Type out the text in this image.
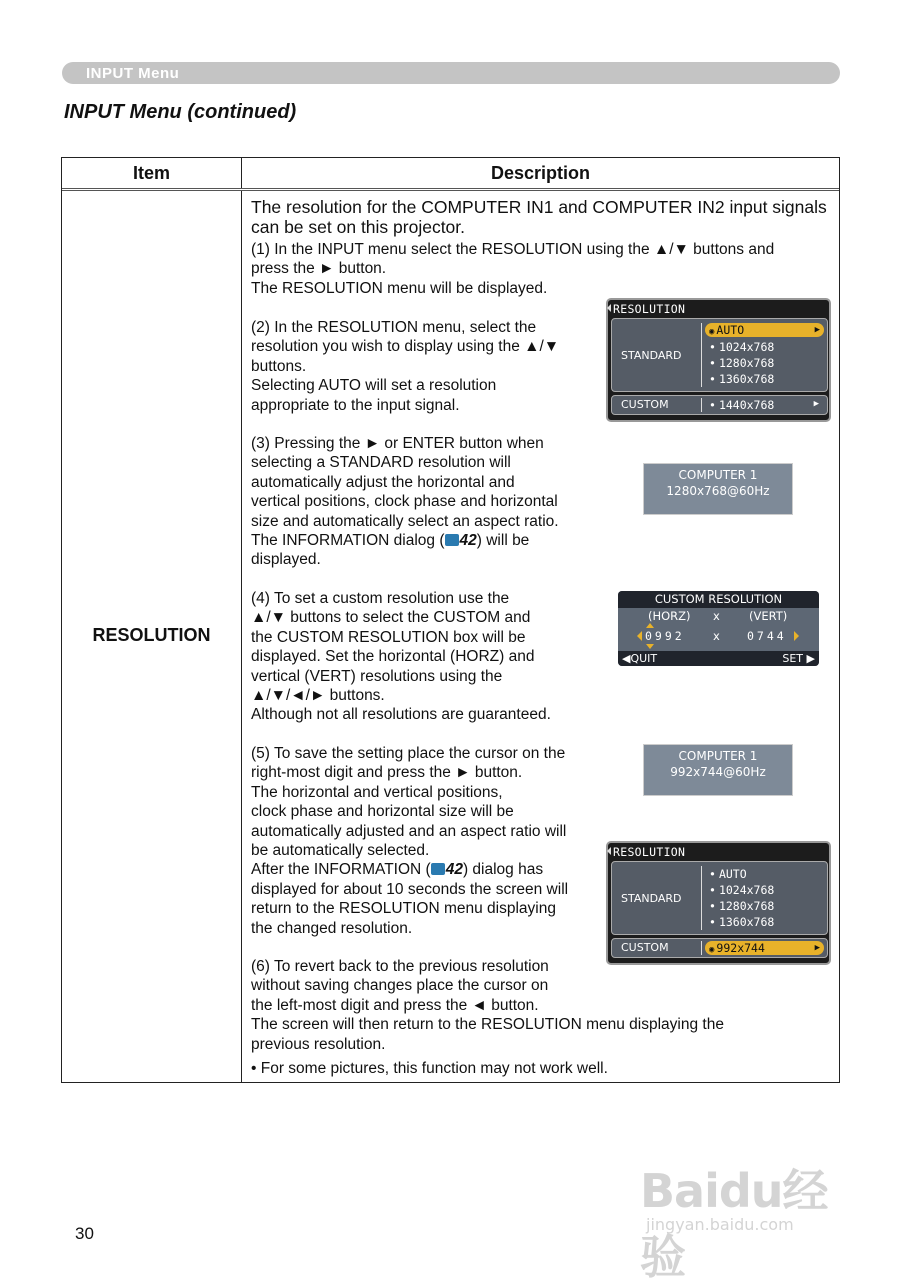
INPUT Menu
INPUT Menu (continued)
Item	Description
RESOLUTION

The resolution for the COMPUTER IN1 and COMPUTER IN2 input signals can be set on this projector.

(1) In the INPUT menu select the RESOLUTION using the ▲/▼ buttons and
press the ► button.
The RESOLUTION menu will be displayed.

(2) In the RESOLUTION menu, select the
resolution you wish to display using the ▲/▼
buttons.
Selecting AUTO will set a resolution
appropriate to the input signal.

(3) Pressing the ► or ENTER button when
selecting a STANDARD resolution will
automatically adjust the horizontal and
vertical positions, clock phase and horizontal
size and automatically select an aspect ratio.

The INFORMATION dialog ( 42) will be

displayed.

(4) To set a custom resolution use the
▲/▼ buttons to select the CUSTOM and
the CUSTOM RESOLUTION box will be
displayed. Set the horizontal (HORZ) and
vertical (VERT) resolutions using the
▲/▼/◄/► buttons.
Although not all resolutions are guaranteed.

(5) To save the setting place the cursor on the
right-most digit and press the ► button.
The horizontal and vertical positions,
clock phase and horizontal size will be
automatically adjusted and an aspect ratio will
be automatically selected.

After the INFORMATION ( 42) dialog has

displayed for about 10 seconds the screen will
return to the RESOLUTION menu displaying
the changed resolution.

(6) To revert back to the previous resolution
without saving changes place the cursor on
the left-most digit and press the ◄ button.
The screen will then return to the RESOLUTION menu displaying the
previous resolution.

• For some pictures, this function may not work well.

RESOLUTION
STANDARD
◉ AUTO	▶
• 1024x768
• 1280x768
• 1360x768
CUSTOM	• 1440x768	▶
COMPUTER 1
1280x768@60Hz
CUSTOM RESOLUTION
(HORZ) x	(VERT)
0992 x 0744
◀QUIT	SET ▶
COMPUTER 1
992x744@60Hz
RESOLUTION
STANDARD
• AUTO
• 1024x768
• 1280x768
• 1360x768
CUSTOM	◉ 992x744	▶
30
Baidu经验
jingyan.baidu.com
